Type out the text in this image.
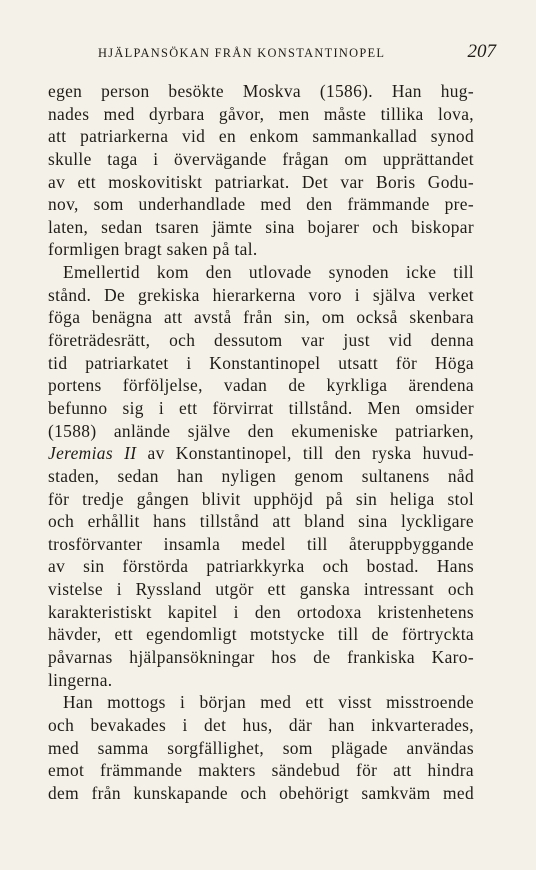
HJÄLPANSÖKAN FRÅN KONSTANTINOPEL	207
egen person besökte Moskva (1586). Han hug-
nades med dyrbara gåvor, men måste tillika lova,
att patriarkerna vid en enkom sammankallad synod
skulle taga i övervägande frågan om upprättandet
av ett moskovitiskt patriarkat. Det var Boris Godu-
nov, som underhandlade med den främmande pre-
laten, sedan tsaren jämte sina bojarer och biskopar
formligen bragt saken på tal.
Emellertid kom den utlovade synoden icke till
stånd. De grekiska hierarkerna voro i själva verket
föga benägna att avstå från sin, om också skenbara
företrädesrätt, och dessutom var just vid denna
tid patriarkatet i Konstantinopel utsatt för Höga
portens förföljelse, vadan de kyrkliga ärendena
befunno sig i ett förvirrat tillstånd. Men omsider
(1588) anlände själve den ekumeniske patriarken,
Jeremias II av Konstantinopel, till den ryska huvud-
staden, sedan han nyligen genom sultanens nåd
för tredje gången blivit upphöjd på sin heliga stol
och erhållit hans tillstånd att bland sina lyckligare
trosförvanter insamla medel till återuppbyggande
av sin förstörda patriarkkyrka och bostad. Hans
vistelse i Ryssland utgör ett ganska intressant och
karakteristiskt kapitel i den ortodoxa kristenhetens
hävder, ett egendomligt motstycke till de förtryckta
påvarnas hjälpansökningar hos de frankiska Karo-
lingerna.
Han mottogs i början med ett visst misstroende
och bevakades i det hus, där han inkvarterades,
med samma sorgfällighet, som plägade användas
emot främmande makters sändebud för att hindra
dem från kunskapande och obehörigt samkväm med
